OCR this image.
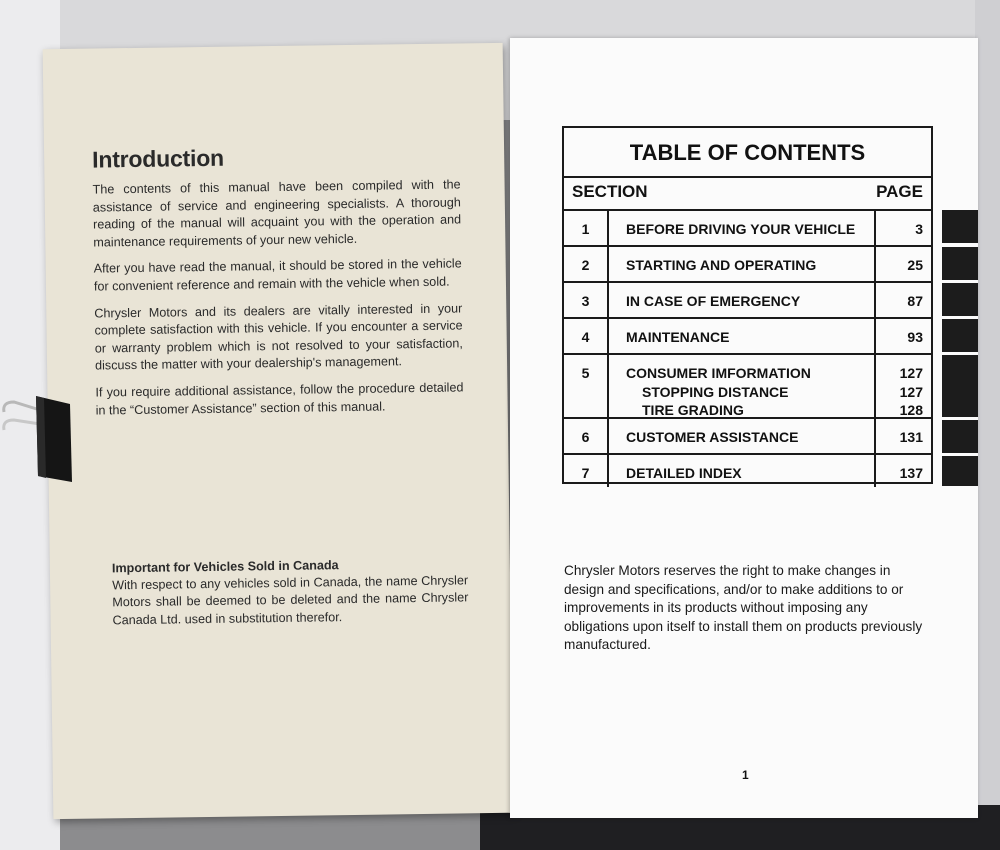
Introduction

The contents of this manual have been compiled with the assistance of service and engineering specialists. A thorough reading of the manual will acquaint you with the operation and maintenance requirements of your new vehicle.

After you have read the manual, it should be stored in the vehicle for convenient reference and remain with the vehicle when sold.

Chrysler Motors and its dealers are vitally interested in your complete satisfaction with this vehicle. If you encounter a service or warranty problem which is not resolved to your satisfaction, discuss the matter with your dealership's management.

If you require additional assistance, follow the procedure detailed in the “Customer Assistance” section of this manual.

Important for Vehicles Sold in Canada

With respect to any vehicles sold in Canada, the name Chrysler Motors shall be deemed to be deleted and the name Chrysler Canada Ltd. used in substitution therefor.

TABLE OF CONTENTS
SECTION	PAGE
1	BEFORE DRIVING YOUR VEHICLE	3
2	STARTING AND OPERATING	25
3	IN CASE OF EMERGENCY	87
4	MAINTENANCE	93
5	CONSUMER IMFORMATION	127
STOPPING DISTANCE	127
TIRE GRADING	128
6	CUSTOMER ASSISTANCE	131
7	DETAILED INDEX	137

Chrysler Motors reserves the right to make changes in design and specifications, and/or to make additions to or improvements in its products without imposing any obligations upon itself to install them on products previously manufactured.

1
